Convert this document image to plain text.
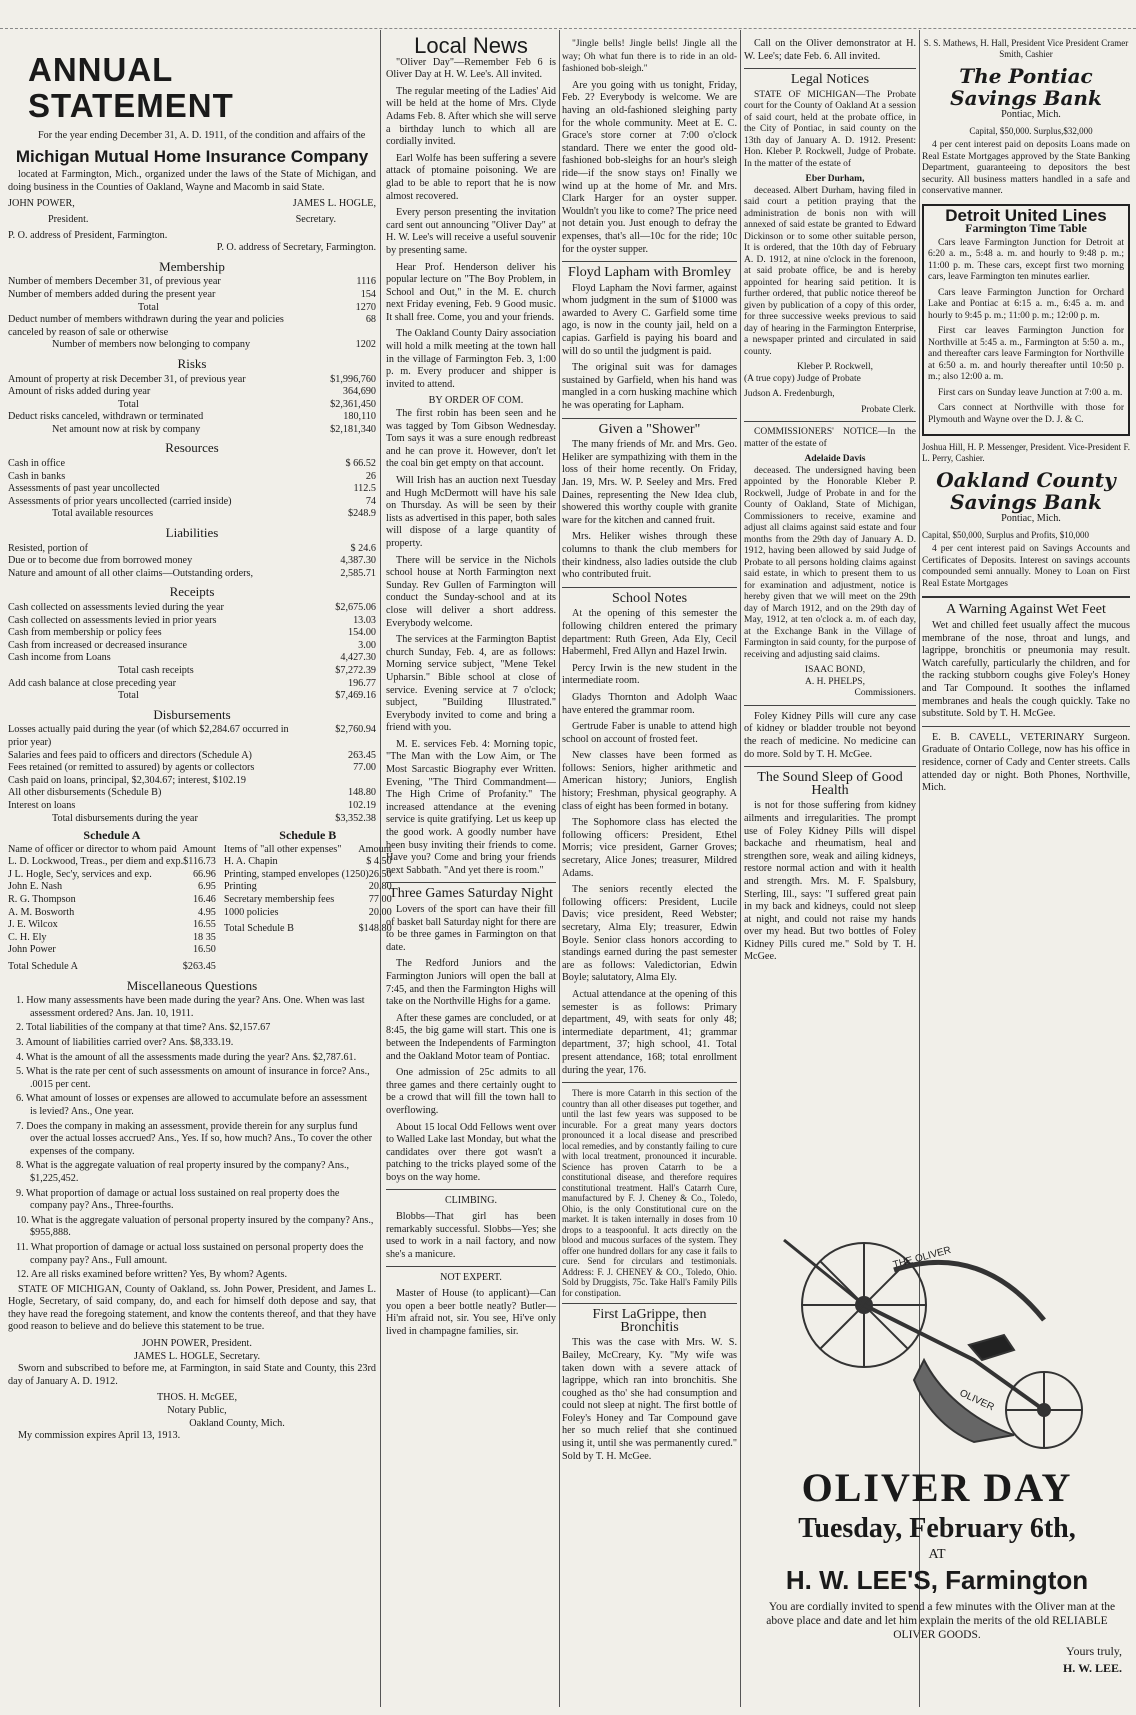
ANNUAL STATEMENT

For the year ending December 31, A. D. 1911, of the condition and affairs of the

Michigan Mutual Home Insurance Company

located at Farmington, Mich., organized under the laws of the State of Michigan, and doing business in the Counties of Oakland, Wayne and Macomb in said State.

JOHN POWER,	JAMES L. HOGLE,
President.	Secretary.
P. O. address of President, Farmington.
P. O. address of Secretary, Farmington.
Membership
Number of members December 31, of previous year	1116
Number of members added during the present year	154
Total	1270
Deduct number of members withdrawn during the year and policies canceled by reason of sale or otherwise
68
Number of members now belonging to company	1202
Risks
Amount of property at risk December 31, of previous year	$1,996,760
Amount of risks added during year	364,690
Total	$2,361,450
Deduct risks canceled, withdrawn or terminated	180,110
Net amount now at risk by company	$2,181,340
Resources
Cash in office	$ 66.52
Cash in banks	26
Assessments of past year uncollected	112.5
Assessments of prior years uncollected (carried inside)	74
Total available resources	$248.9
Liabilities
Resisted, portion of	$ 24.6
Due or to become due from borrowed money	4,387.30
Nature and amount of all other claims—Outstanding orders,	2,585.71
Receipts
Cash collected on assessments levied during the year	$2,675.06
Cash collected on assessments levied in prior years	13.03
Cash from membership or policy fees	154.00
Cash from increased or decreased insurance	3.00
Cash income from Loans	4,427.30
Total cash receipts	$7,272.39
Add cash balance at close preceding year	196.77
Total	$7,469.16
Disbursements
Losses actually paid during the year (of which $2,284.67 occurred in prior year)
$2,760.94
Salaries and fees paid to officers and directors (Schedule A)	263.45
Fees retained (or remitted to assured) by agents or collectors	77.00
Cash paid on loans, principal, $2,304.67; interest, $102.19
All other disbursements (Schedule B)	148.80
Interest on loans	102.19
Total disbursements during the year	$3,352.38
Schedule A
Name of officer or director to whom paid Amount
L. D. Lockwood, Treas., per diem and exp. $116.73
J L. Hogle, Sec'y, services and exp.	66.96
John E. Nash	6.95
R. G. Thompson	16.46
A. M. Bosworth	4.95
J. E. Wilcox	16.55
C. H. Ely	18 35
John Power	16.50
Total Schedule A	$263.45
Schedule B
Items of "all other expenses" Amount
H. A. Chapin	$ 4.50
Printing, stamped envelopes (1250) 26.50
Printing	20.80
Secretary membership fees	77 00
1000 policies	20.00
Total Schedule B	$148.80
Miscellaneous Questions

1. How many assessments have been made during the year? Ans. One. When was last assessment ordered? Ans. Jan. 10, 1911.

2. Total liabilities of the company at that time? Ans. $2,157.67

3. Amount of liabilities carried over? Ans. $8,333.19.

4. What is the amount of all the assessments made during the year? Ans. $2,787.61.

5. What is the rate per cent of such assessments on amount of insurance in force? Ans., .0015 per cent.

6. What amount of losses or expenses are allowed to accumulate before an assessment is levied? Ans., One year.

7. Does the company in making an assessment, provide therein for any surplus fund over the actual losses accrued? Ans., Yes. If so, how much? Ans., To cover the other expenses of the company.

8. What is the aggregate valuation of real property insured by the company? Ans., $1,225,452.

9. What proportion of damage or actual loss sustained on real property does the company pay? Ans., Three-fourths.

10. What is the aggregate valuation of personal property insured by the company? Ans., $955,888.

11. What proportion of damage or actual loss sustained on personal property does the company pay? Ans., Full amount.

12. Are all risks examined before written? Yes, By whom? Agents.

STATE OF MICHIGAN, County of Oakland, ss. John Power, President, and James L. Hogle, Secretary, of said company, do, and each for himself doth depose and say, that they have read the foregoing statement, and know the contents thereof, and that they have good reason to believe and do believe this statement to be true.

JOHN POWER, President.

JAMES L. HOGLE, Secretary.

Sworn and subscribed to before me, at Farmington, in said State and County, this 23rd day of January A. D. 1912.

THOS. H. McGEE,

Notary Public,

Oakland County, Mich.

My commission expires April 13, 1913.

Local News

"Oliver Day"—Remember Feb 6 is Oliver Day at H. W. Lee's. All invited.

The regular meeting of the Ladies' Aid will be held at the home of Mrs. Clyde Adams Feb. 8. After which she will serve a birthday lunch to which all are cordially invited.

Earl Wolfe has been suffering a severe attack of ptomaine poisoning. We are glad to be able to report that he is now almost recovered.

Every person presenting the invitation card sent out announcing "Oliver Day" at H. W. Lee's will receive a useful souvenir by presenting same.

Hear Prof. Henderson deliver his popular lecture on "The Boy Problem, in School and Out," in the M. E. church next Friday evening, Feb. 9 Good music. It shall free. Come, you and your friends.

The Oakland County Dairy association will hold a milk meeting at the town hall in the village of Farmington Feb. 3, 1:00 p. m. Every producer and shipper is invited to attend.

BY ORDER OF COM.

The first robin has been seen and he was tagged by Tom Gibson Wednesday. Tom says it was a sure enough redbreast and he can prove it. However, don't let the coal bin get empty on that account.

Will Irish has an auction next Tuesday and Hugh McDermott will have his sale on Thursday. As will be seen by their lists as advertised in this paper, both sales will dispose of a large quantity of property.

There will be service in the Nichols school house at North Farmington next Sunday. Rev Gullen of Farmington will conduct the Sunday-school and at its close will deliver a short address. Everybody welcome.

The services at the Farmington Baptist church Sunday, Feb. 4, are as follows: Morning service subject, "Mene Tekel Upharsin." Bible school at close of service. Evening service at 7 o'clock; subject, "Building Illustrated." Everybody invited to come and bring a friend with you.

M. E. services Feb. 4: Morning topic, "The Man with the Low Aim, or The Most Sarcastic Biography ever Written. Evening, "The Third Commandment—The High Crime of Profanity." The increased attendance at the evening service is quite gratifying. Let us keep up the good work. A goodly number have been busy inviting their friends to come. Have you? Come and bring your friends next Sabbath. "And yet there is room."

Three Games Saturday Night

Lovers of the sport can have their fill of basket ball Saturday night for there are to be three games in Farmington on that date.

The Redford Juniors and the Farmington Juniors will open the ball at 7:45, and then the Farmington Highs will take on the Northville Highs for a game.

After these games are concluded, or at 8:45, the big game will start. This one is between the Independents of Farmington and the Oakland Motor team of Pontiac.

One admission of 25c admits to all three games and there certainly ought to be a crowd that will fill the town hall to overflowing.

About 15 local Odd Fellows went over to Walled Lake last Monday, but what the candidates over there got wasn't a patching to the tricks played some of the boys on the way home.

CLIMBING.

Blobbs—That girl has been remarkably successful. Slobbs—Yes; she used to work in a nail factory, and now she's a manicure.

NOT EXPERT.

Master of House (to applicant)—Can you open a beer bottle neatly? Butler—Hi'm afraid not, sir. You see, Hi've only lived in champagne families, sir.

"Jingle bells! Jingle bells! Jingle all the way; Oh what fun there is to ride in an old-fashioned bob-sleigh."

Are you going with us tonight, Friday, Feb. 2? Everybody is welcome. We are having an old-fashioned sleighing party for the whole community. Meet at E. C. Grace's store corner at 7:00 o'clock standard. There we enter the good old-fashioned bob-sleighs for an hour's sleigh ride—if the snow stays on! Finally we wind up at the home of Mr. and Mrs. Clark Harger for an oyster supper. Wouldn't you like to come? The price need not detain you. Just enough to defray the expenses, that's all—10c for the ride; 10c for the oyster supper.

Floyd Lapham with Bromley

Floyd Lapham the Novi farmer, against whom judgment in the sum of $1000 was awarded to Avery C. Garfield some time ago, is now in the county jail, held on a capias. Garfield is paying his board and will do so until the judgment is paid.

The original suit was for damages sustained by Garfield, when his hand was mangled in a corn husking machine which he was operating for Lapham.

Given a "Shower"

The many friends of Mr. and Mrs. Geo. Heliker are sympathizing with them in the loss of their home recently. On Friday, Jan. 19, Mrs. W. P. Seeley and Mrs. Fred Daines, representing the New Idea club, showered this worthy couple with granite ware for the kitchen and canned fruit.

Mrs. Heliker wishes through these columns to thank the club members for their kindness, also ladies outside the club who contributed fruit.

School Notes

At the opening of this semester the following children entered the primary department: Ruth Green, Ada Ely, Cecil Habermehl, Fred Allyn and Hazel Irwin.

Percy Irwin is the new student in the intermediate room.

Gladys Thornton and Adolph Waac have entered the grammar room.

Gertrude Faber is unable to attend high school on account of frosted feet.

New classes have been formed as follows: Seniors, higher arithmetic and American history; Juniors, English history; Freshman, physical geography. A class of eight has been formed in botany.

The Sophomore class has elected the following officers: President, Ethel Morris; vice president, Garner Groves; secretary, Alice Jones; treasurer, Mildred Adams.

The seniors recently elected the following officers: President, Lucile Davis; vice president, Reed Webster; secretary, Alma Ely; treasurer, Edwin Boyle. Senior class honors according to standings earned during the past semester are as follows: Valedictorian, Edwin Boyle; salutatory, Alma Ely.

Actual attendance at the opening of this semester is as follows: Primary department, 49, with seats for only 48; intermediate department, 41; grammar department, 37; high school, 41. Total present attendance, 168; total enrollment during the year, 176.

There is more Catarrh in this section of the country than all other diseases put together, and until the last few years was supposed to be incurable. For a great many years doctors pronounced it a local disease and prescribed local remedies, and by constantly failing to cure with local treatment, pronounced it incurable. Science has proven Catarrh to be a constitutional disease, and therefore requires constitutional treatment. Hall's Catarrh Cure, manufactured by F. J. Cheney & Co., Toledo, Ohio, is the only Constitutional cure on the market. It is taken internally in doses from 10 drops to a teaspoonful. It acts directly on the blood and mucous surfaces of the system. They offer one hundred dollars for any case it fails to cure. Send for circulars and testimonials. Address: F. J. CHENEY & CO., Toledo, Ohio. Sold by Druggists, 75c. Take Hall's Family Pills for constipation.

First LaGrippe, then Bronchitis

This was the case with Mrs. W. S. Bailey, McCreary, Ky. "My wife was taken down with a severe attack of lagrippe, which ran into bronchitis. She coughed as tho' she had consumption and could not sleep at night. The first bottle of Foley's Honey and Tar Compound gave her so much relief that she continued using it, until she was permanently cured." Sold by T. H. McGee.

Call on the Oliver demonstrator at H. W. Lee's; date Feb. 6. All invited.

Legal Notices

STATE OF MICHIGAN—The Probate court for the County of Oakland At a session of said court, held at the probate office, in the City of Pontiac, in said county on the 13th day of January A. D. 1912. Present: Hon. Kleber P. Rockwell, Judge of Probate. In the matter of the estate of

Eber Durham,

deceased. Albert Durham, having filed in said court a petition praying that the administration de bonis non with will annexed of said estate be granted to Edward Dickinson or to some other suitable person, It is ordered, that the 10th day of February A. D. 1912, at nine o'clock in the forenoon, at said probate office, be and is hereby appointed for hearing said petition. It is further ordered, that public notice thereof be given by publication of a copy of this order, for three successive weeks previous to said day of hearing in the Farmington Enterprise, a newspaper printed and circulated in said county.

Kleber P. Rockwell,

(A true copy) Judge of Probate

Judson A. Fredenburgh,

Probate Clerk.

COMMISSIONERS' NOTICE—In the matter of the estate of

Adelaide Davis

deceased. The undersigned having been appointed by the Honorable Kleber P. Rockwell, Judge of Probate in and for the County of Oakland, State of Michigan, Commissioners to receive, examine and adjust all claims against said estate and four months from the 29th day of January A. D. 1912, having been allowed by said Judge of Probate to all persons holding claims against said estate, in which to present them to us for examination and adjustment, notice is hereby given that we will meet on the 29th day of March 1912, and on the 29th day of May, 1912, at ten o'clock a. m. of each day, at the Exchange Bank in the Village of Farmington in said county, for the purpose of receiving and adjusting said claims.

ISAAC BOND,

A. H. PHELPS,

Commissioners.

Foley Kidney Pills will cure any case of kidney or bladder trouble not beyond the reach of medicine. No medicine can do more. Sold by T. H. McGee.

The Sound Sleep of Good Health

is not for those suffering from kidney ailments and irregularities. The prompt use of Foley Kidney Pills will dispel backache and rheumatism, heal and strengthen sore, weak and ailing kidneys, restore normal action and with it health and strength. Mrs. M. F. Spalsbury, Sterling, Ill., says: "I suffered great pain in my back and kidneys, could not sleep at night, and could not raise my hands over my head. But two bottles of Foley Kidney Pills cured me." Sold by T. H. McGee.

S. S. Mathews, H. Hall, President Vice President Cramer Smith, Cashier

The Pontiac Savings Bank

Pontiac, Mich.

Capital, $50,000. Surplus,$32,000

4 per cent interest paid on deposits Loans made on Real Estate Mortgages approved by the State Banking Department, guaranteeing to depositors the best security. All business matters handled in a safe and conservative manner.

Detroit United Lines
Farmington Time Table

Cars leave Farmington Junction for Detroit at 6:20 a. m., 5:48 a. m. and hourly to 9:48 p. m.; 11:00 p. m. These cars, except first two morning cars, leave Farmington ten minutes earlier.

Cars leave Farmington Junction for Orchard Lake and Pontiac at 6:15 a. m., 6:45 a. m. and hourly to 9:45 p. m.; 11:00 p. m.; 12:00 p. m.

First car leaves Farmington Junction for Northville at 5:45 a. m., Farmington at 5:50 a. m., and thereafter cars leave Farmington for Northville at 6:50 a. m. and hourly thereafter until 10:50 p. m.; also 12:00 a. m.

First cars on Sunday leave Junction at 7:00 a. m.

Cars connect at Northville with those for Plymouth and Wayne over the D. J. & C.

Joshua Hill, H. P. Messenger, President. Vice-President F. L. Perry, Cashier.

Oakland County Savings Bank

Pontiac, Mich.

Capital, $50,000, Surplus and Profits, $10,000

4 per cent interest paid on Savings Accounts and Certificates of Deposits. Interest on savings accounts compounded semi annually. Money to Loan on First Real Estate Mortgages

A Warning Against Wet Feet

Wet and chilled feet usually affect the mucous membrane of the nose, throat and lungs, and lagrippe, bronchitis or pneumonia may result. Watch carefully, particularly the children, and for the racking stubborn coughs give Foley's Honey and Tar Compound. It soothes the inflamed membranes and heals the cough quickly. Take no substitute. Sold by T. H. McGee.

E. B. CAVELL, VETERINARY Surgeon. Graduate of Ontario College, now has his office in residence, corner of Cady and Center streets. Calls attended day or night. Both Phones, Northville, Mich.

THE OLIVER
OLIVER
OLIVER DAY
Tuesday, February 6th,
AT
H. W. LEE'S, Farmington

You are cordially invited to spend a few minutes with the Oliver man at the above place and date and let him explain the merits of the old RELIABLE OLIVER GOODS.

Yours truly,

H. W. LEE.
